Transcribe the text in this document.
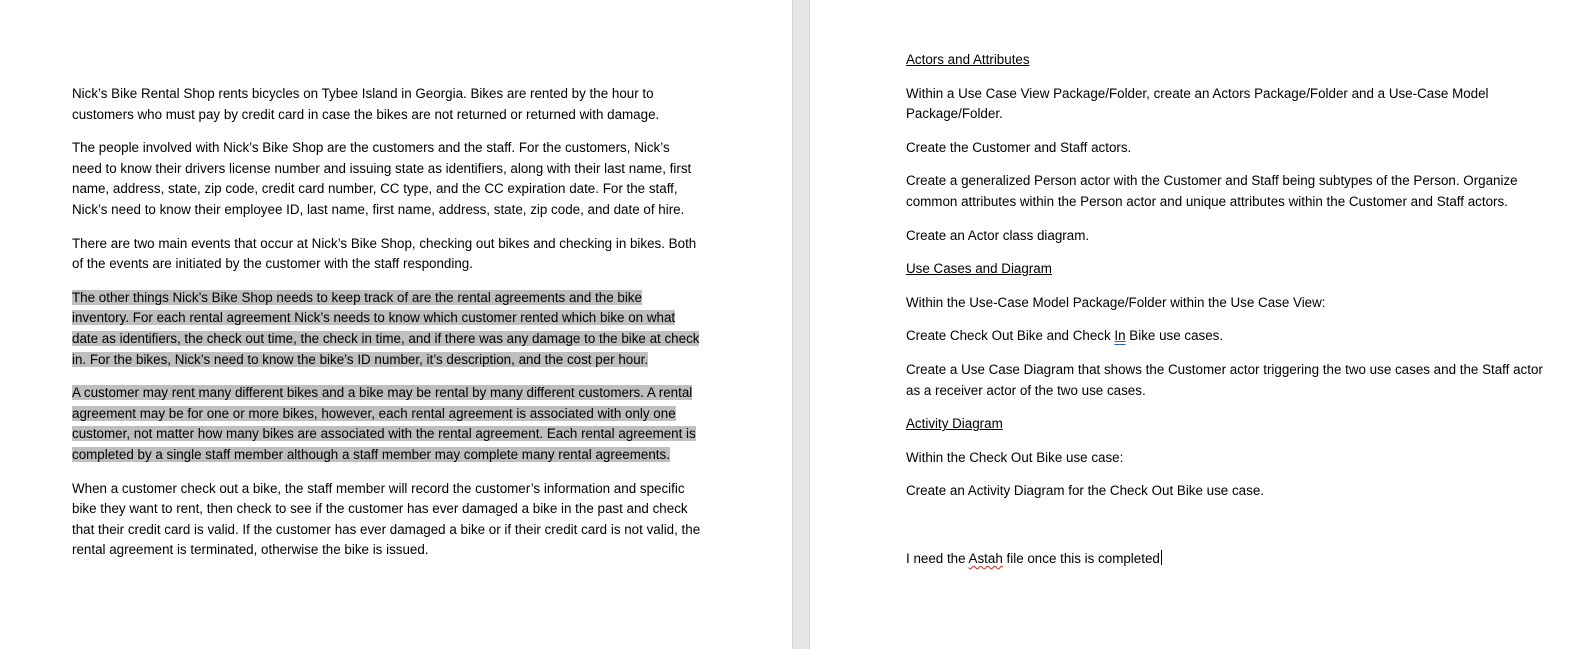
Nick’s Bike Rental Shop rents bicycles on Tybee Island in Georgia. Bikes are rented by the hour to customers who must pay by credit card in case the bikes are not returned or returned with damage.

The people involved with Nick’s Bike Shop are the customers and the staff. For the customers, Nick’s need to know their drivers license number and issuing state as identifiers, along with their last name, first name, address, state, zip code, credit card number, CC type, and the CC expiration date. For the staff, Nick’s need to know their employee ID, last name, first name, address, state, zip code, and date of hire.

There are two main events that occur at Nick’s Bike Shop, checking out bikes and checking in bikes. Both of the events are initiated by the customer with the staff responding.

The other things Nick’s Bike Shop needs to keep track of are the rental agreements and the bike inventory. For each rental agreement Nick’s needs to know which customer rented which bike on what date as identifiers, the check out time, the check in time, and if there was any damage to the bike at check in. For the bikes, Nick’s need to know the bike’s ID number, it’s description, and the cost per hour.

A customer may rent many different bikes and a bike may be rental by many different customers. A rental agreement may be for one or more bikes, however, each rental agreement is associated with only one customer, not matter how many bikes are associated with the rental agreement. Each rental agreement is completed by a single staff member although a staff member may complete many rental agreements.

When a customer check out a bike, the staff member will record the customer’s information and specific bike they want to rent, then check to see if the customer has ever damaged a bike in the past and check that their credit card is valid. If the customer has ever damaged a bike or if their credit card is not valid, the rental agreement is terminated, otherwise the bike is issued.

Actors and Attributes

Within a Use Case View Package/Folder, create an Actors Package/Folder and a Use-Case Model Package/Folder.

Create the Customer and Staff actors.

Create a generalized Person actor with the Customer and Staff being subtypes of the Person. Organize common attributes within the Person actor and unique attributes within the Customer and Staff actors.

Create an Actor class diagram.

Use Cases and Diagram

Within the Use-Case Model Package/Folder within the Use Case View:

Create Check Out Bike and Check In Bike use cases.

Create a Use Case Diagram that shows the Customer actor triggering the two use cases and the Staff actor as a receiver actor of the two use cases.

Activity Diagram

Within the Check Out Bike use case:

Create an Activity Diagram for the Check Out Bike use case.

I need the Astah file once this is completed
